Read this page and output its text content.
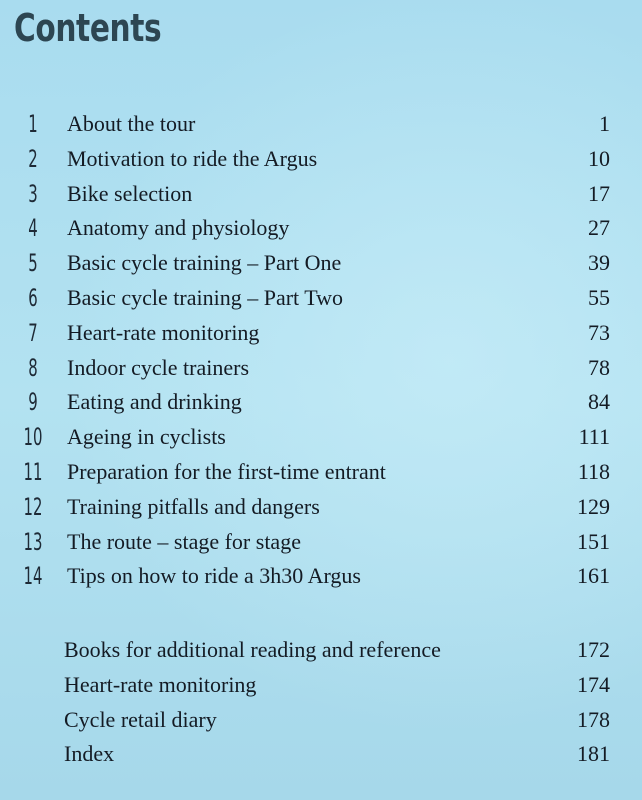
Contents
1	About the tour	1
2	Motivation to ride the Argus	10
3	Bike selection	17
4	Anatomy and physiology	27
5	Basic cycle training – Part One	39
6	Basic cycle training – Part Two	55
7	Heart-rate monitoring	73
8	Indoor cycle trainers	78
9	Eating and drinking	84
10 Ageing in cyclists	111
11 Preparation for the first-time entrant	118
12 Training pitfalls and dangers	129
13 The route – stage for stage	151
14 Tips on how to ride a 3h30 Argus	161
Books for additional reading and reference	172
Heart-rate monitoring	174
Cycle retail diary	178
Index	181
